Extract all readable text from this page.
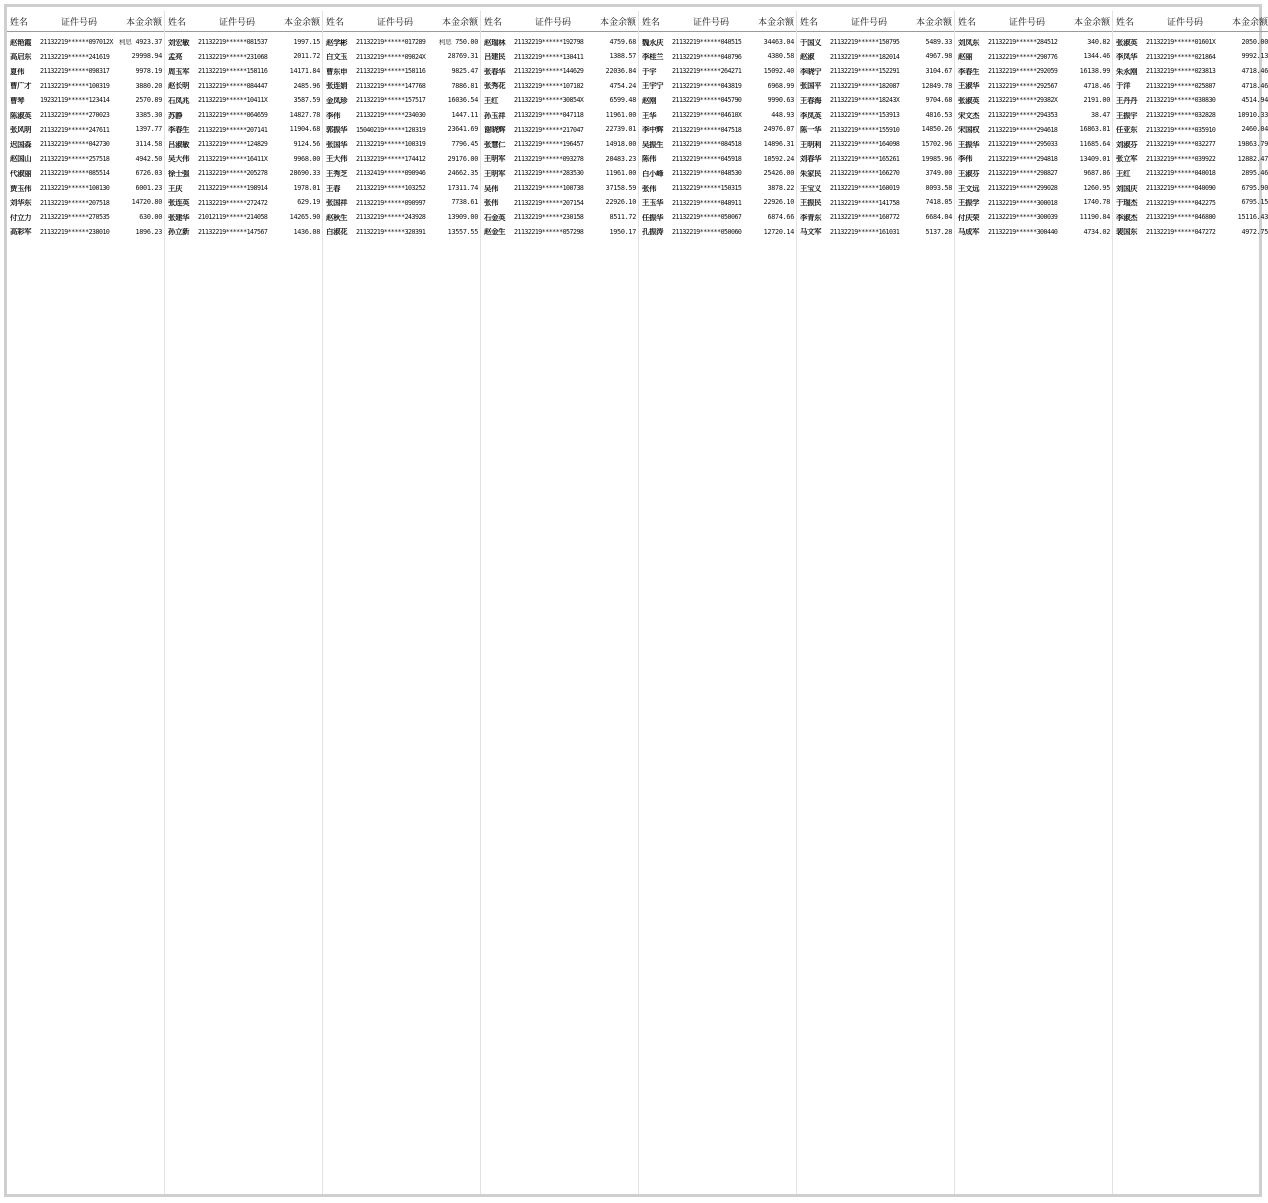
姓名	证件号码	本金余额
赵艳霞	21132219******097012X 利息 4923.37
高启东	21132219******241619	29998.94
夏伟	21132219******098317	9978.19
曹广才	21132219******100319	3880.20
曹琴	19232119******123414	2570.89
陈淑英	21132219******270023	3385.30
张风明	21132219******247611	1397.77
迟国森	21132219******042730	3114.58
赵国山	21132219******257518	4942.50
代淑丽	21132219******085514	6726.03
贾玉伟	21132219******100130	6001.23
刘华东	21132219******207518	14720.80
付立力	21132219******270535	630.00
高彩军	21132219******238010	1896.23
姓名	证件号码	本金余额
刘宏敏	21132219******081537	1997.15
孟亮	21132219******231068	2011.72
周玉军	21132219******158116	14171.84
赵长明	21132219******084447	2485.96
石凤兆	21132219******10411X	3587.59
苏静	21132219******064659	14827.78
李春生	21132219******207141	11904.68
吕淑敏	21132219******124829	9124.56
吴大伟	21132219******16411X	9968.00
徐士强	21132219******205278	28690.33
王庆	21132219******198914	1978.01
张连英	21132219******272472	629.19
张建华	21012119******214058	14265.90
孙立新	21132219******147567	1436.08
姓名	证件号码	本金余额
赵学彬	21132219******017289	利息 750.00
白文玉	21132219******09024X	28769.31
曹东申	21132219******158116	9825.47
张连娟	21132219******147768	7886.81
金凤珍	21132219******157517	16036.54
李伟	21132219******234030	1447.11
郭振华	15040219******120319	23641.69
张国华	21132219******100319	7796.45
王大伟	21132219******174412	29176.00
王秀芝	21132419******090946	24662.35
王春	21132219******103252	17311.74
张国祥	21132219******090997	7738.61
赵秋生	21132219******243928	13909.00
白淑花	21132219******320391	13557.55
姓名	证件号码	本金余额
赵瑞林	21132219******192798	4759.68
吕建民	21132219******130411	1388.57
张春华	21132219******144629	22036.84
张秀花	21132219******107182	4754.24
王红	21132219******30854X	6599.48
孙玉祥	21132219******047118	11961.00
谢晓辉	21132219******217047	22739.01
张慧仁	21132219******196457	14918.00
王明军	21132219******093278	20483.23
王明军	21132219******283530	11961.00
吴伟	21132219******100738	37158.59
张伟	21132219******207154	22926.10
石金英	21132219******230158	8511.72
赵金生	21132219******057298	1950.17
姓名	证件号码	本金余额
魏永庆	21132219******040515	34463.04
李桂兰	21132219******040796	4380.58
于宇	21132219******264271	15092.40
王宇宁	21132219******043819	6968.99
赵刚	21132219******045790	9990.63
王华	21132219******04610X	448.93
李中辉	21132219******047518	24976.07
吴振生	21132219******084518	14896.31
陈伟	21132219******045918	10592.24
白小峰	21132219******048530	25426.00
张伟	21132219******150315	3878.22
王玉华	21132219******048911	22926.10
任振华	21132219******050067	6874.66
孔振涛	21132219******050060	12720.14
姓名	证件号码	本金余额
于国义	21132219******150795	5489.33
赵淑	21132219******182014	4967.98
李晓宁	21132219******152291	3104.67
张国平	21132219******182087	12849.78
王春海	21132219******18243X	9704.68
李凤英	21132219******153913	4816.53
陈一华	21132219******155910	14850.26
王明利	21132219******164098	15702.96
刘春华	21132219******165261	19985.96
朱家民	21132219******166270	3749.00
王宝义	21132219******160019	8093.58
王振民	21132219******141758	7418.05
李青东	21132219******160772	6684.04
马文军	21132219******161031	5137.28
姓名	证件号码	本金余额
刘凤东	21132219******284512	340.82
赵丽	21132219******290776	1344.46
李春生	21132219******292059	16138.99
王淑华	21132219******292567	4718.46
张淑英	21132219******29382X	2191.00
宋文杰	21132219******294353	38.47
宋国权	21132219******294618	16863.81
王振华	21132219******295033	11685.64
李伟	21132219******294818	13409.01
王淑芬	21132219******298827	9687.86
王文远	21132219******299028	1260.95
王振学	21132219******300018	1740.78
付庆荣	21132219******300039	11190.84
马成军	21132219******300440	4734.02
姓名	证件号码	本金余额
张淑英	21132219******01601X	2050.00
李凤华	21132219******021864	9992.13
朱永刚	21132219******023813	4718.46
于洋	21132219******025807	4718.46
王丹丹	21132219******030830	4514.94
王振宇	21132219******032828	10910.33
任亚东	21132219******035910	2460.04
刘淑芬	21132219******032277	19863.79
张立军	21132219******039922	12882.47
王红	21132219******040018	2895.46
刘国庆	21132219******040090	6795.90
于瑞杰	21132219******042275	6795.15
李淑杰	21132219******046800	15116.43
裴国东	21132219******047272	4972.75
